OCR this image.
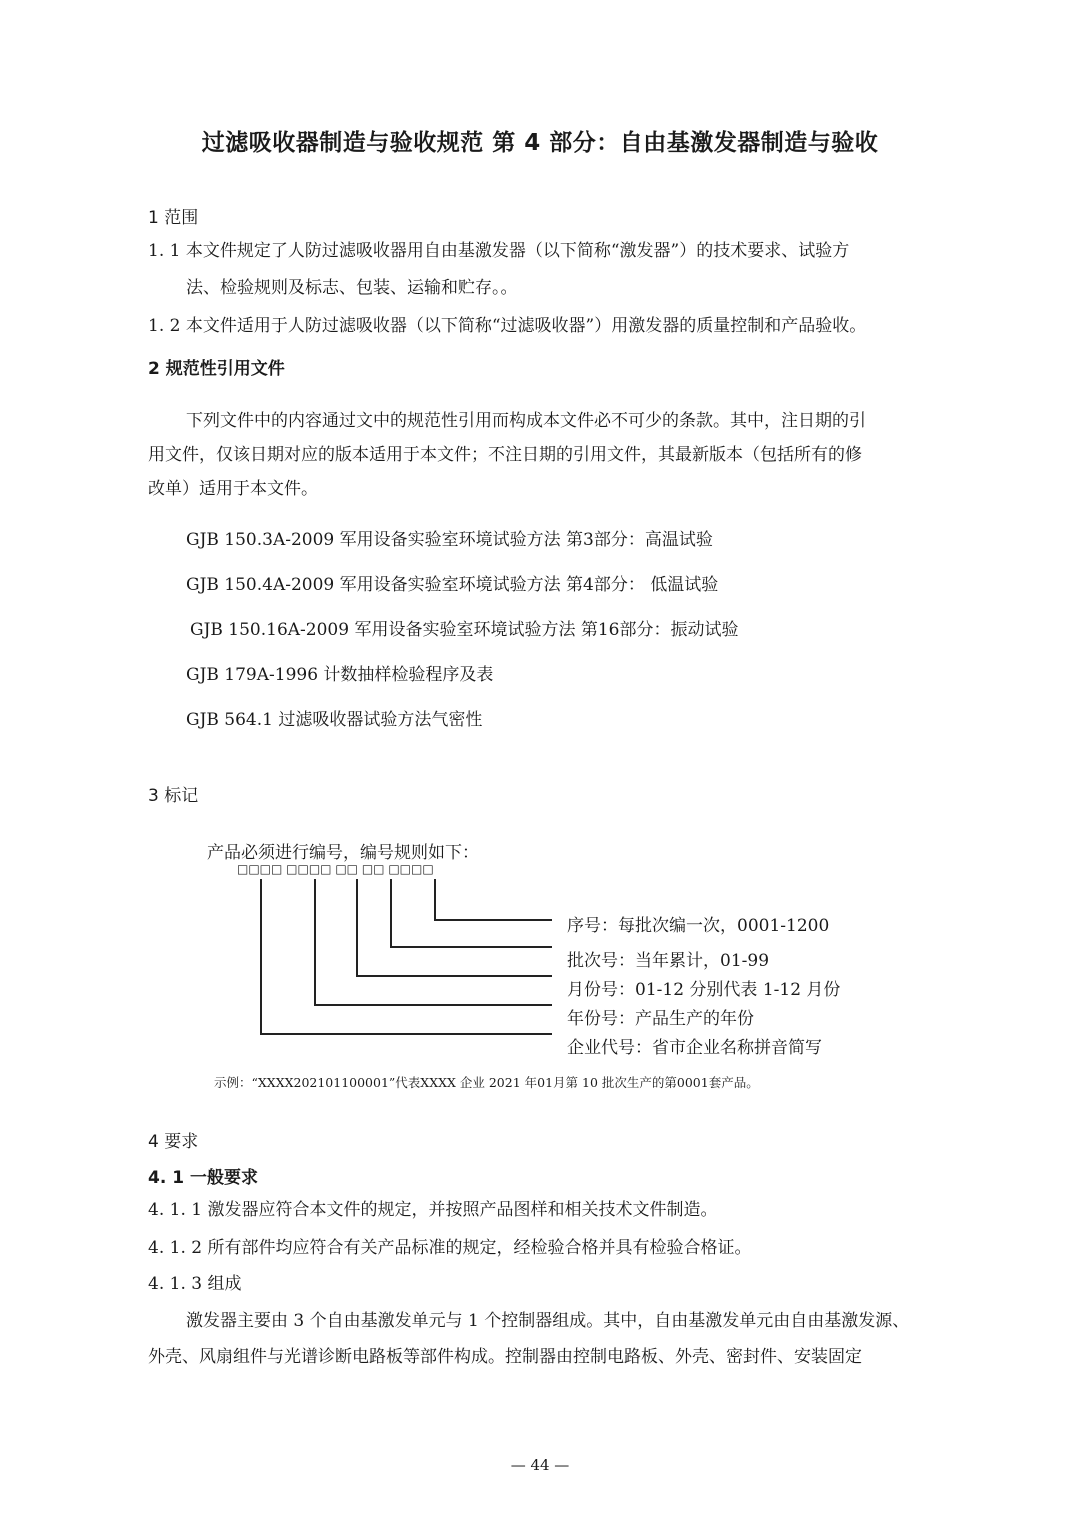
过滤吸收器制造与验收规范 第 4 部分：自由基激发器制造与验收
1 范围
1. 1 本文件规定了人防过滤吸收器用自由基激发器（以下简称“激发器”）的技术要求、试验方
法、检验规则及标志、包装、运输和贮存。。
1. 2 本文件适用于人防过滤吸收器（以下简称“过滤吸收器”）用激发器的质量控制和产品验收。
2 规范性引用文件
下列文件中的内容通过文中的规范性引用而构成本文件必不可少的条款。其中，注日期的引
用文件，仅该日期对应的版本适用于本文件；不注日期的引用文件，其最新版本（包括所有的修
改单）适用于本文件。
GJB 150.3A-2009 军用设备实验室环境试验方法 第3部分：高温试验
GJB 150.4A-2009 军用设备实验室环境试验方法 第4部分： 低温试验
GJB 150.16A-2009 军用设备实验室环境试验方法 第16部分：振动试验
GJB 179A-1996 计数抽样检验程序及表
GJB 564.1 过滤吸收器试验方法气密性
3 标记
产品必须进行编号，编号规则如下：
□□□□ □□□□ □□ □□ □□□□
序号：每批次编一次，0001-1200
批次号：当年累计，01-99
月份号：01-12 分别代表 1-12 月份
年份号：产品生产的年份
企业代号：省市企业名称拼音简写
示例：“XXXX202101100001”代表XXXX 企业 2021 年01月第 10 批次生产的第0001套产品。
4 要求
4. 1 一般要求
4. 1. 1 激发器应符合本文件的规定，并按照产品图样和相关技术文件制造。
4. 1. 2 所有部件均应符合有关产品标准的规定，经检验合格并具有检验合格证。
4. 1. 3 组成
激发器主要由 3 个自由基激发单元与 1 个控制器组成。其中，自由基激发单元由自由基激发源、
外壳、风扇组件与光谱诊断电路板等部件构成。控制器由控制电路板、外壳、密封件、安装固定
— 44 —
